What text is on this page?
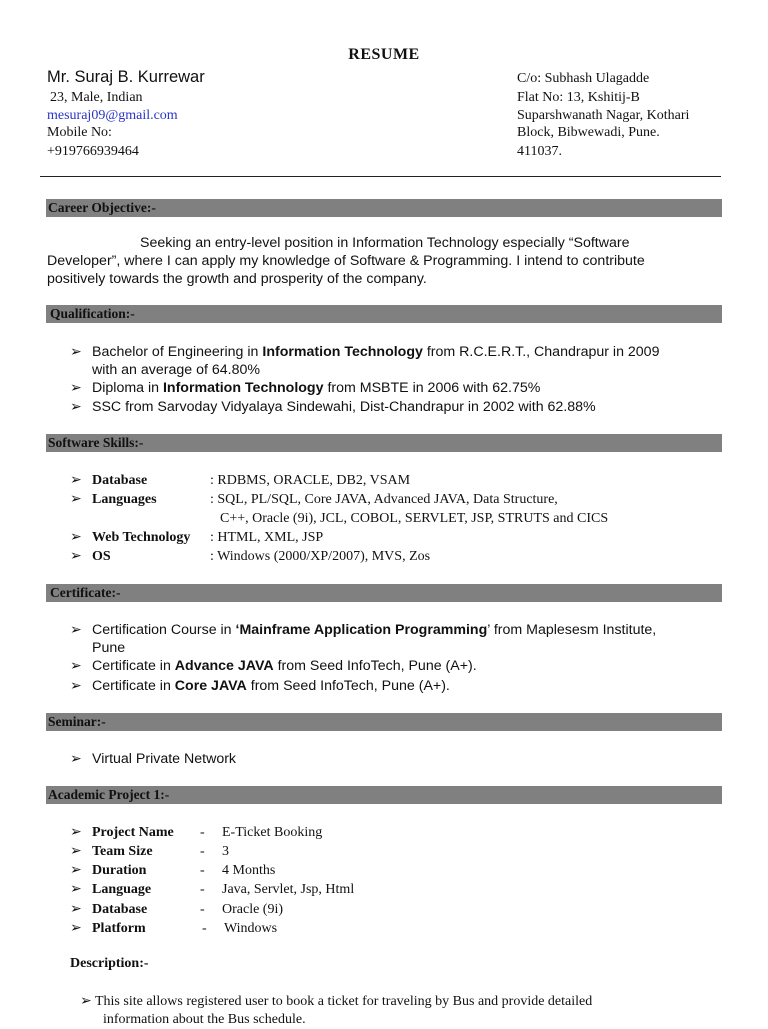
RESUME
Mr. Suraj B. Kurrewar
23, Male, Indian
mesuraj09@gmail.com
Mobile No:
+919766939464
C/o: Subhash Ulagadde
Flat No: 13, Kshitij-B
Suparshwanath Nagar, Kothari
Block, Bibwewadi, Pune.
411037.
Career Objective:-
Seeking an entry-level position in Information Technology especially “Software
Developer”, where I can apply my knowledge of Software & Programming. I intend to contribute
positively towards the growth and prosperity of the company.
Qualification:-
➢ Bachelor of Engineering in Information Technology from R.C.E.R.T., Chandrapur in 2009
with an average of 64.80%
➢ Diploma in Information Technology from MSBTE in 2006 with 62.75%
➢ SSC from Sarvoday Vidyalaya Sindewahi, Dist-Chandrapur in 2002 with 62.88%
Software Skills:-
➢ Database	: RDBMS, ORACLE, DB2, VSAM
➢ Languages	: SQL, PL/SQL, Core JAVA, Advanced JAVA, Data Structure,
C++, Oracle (9i), JCL, COBOL, SERVLET, JSP, STRUTS and CICS
➢ Web Technology : HTML, XML, JSP
➢ OS	: Windows (2000/XP/2007), MVS, Zos
Certificate:-
➢ Certification Course in ‘Mainframe Application Programming’ from Maplesesm Institute,
Pune
➢ Certificate in Advance JAVA from Seed InfoTech, Pune (A+).
➢ Certificate in Core JAVA from Seed InfoTech, Pune (A+).
Seminar:-
➢ Virtual Private Network
Academic Project 1:-
➢ Project Name - E-Ticket Booking
➢ Team Size	- 3
➢ Duration	- 4 Months
➢ Language	- Java, Servlet, Jsp, Html
➢ Database	- Oracle (9i)
➢ Platform	- Windows
Description:-
➢ This site allows registered user to book a ticket for traveling by Bus and provide detailed
information about the Bus schedule.
